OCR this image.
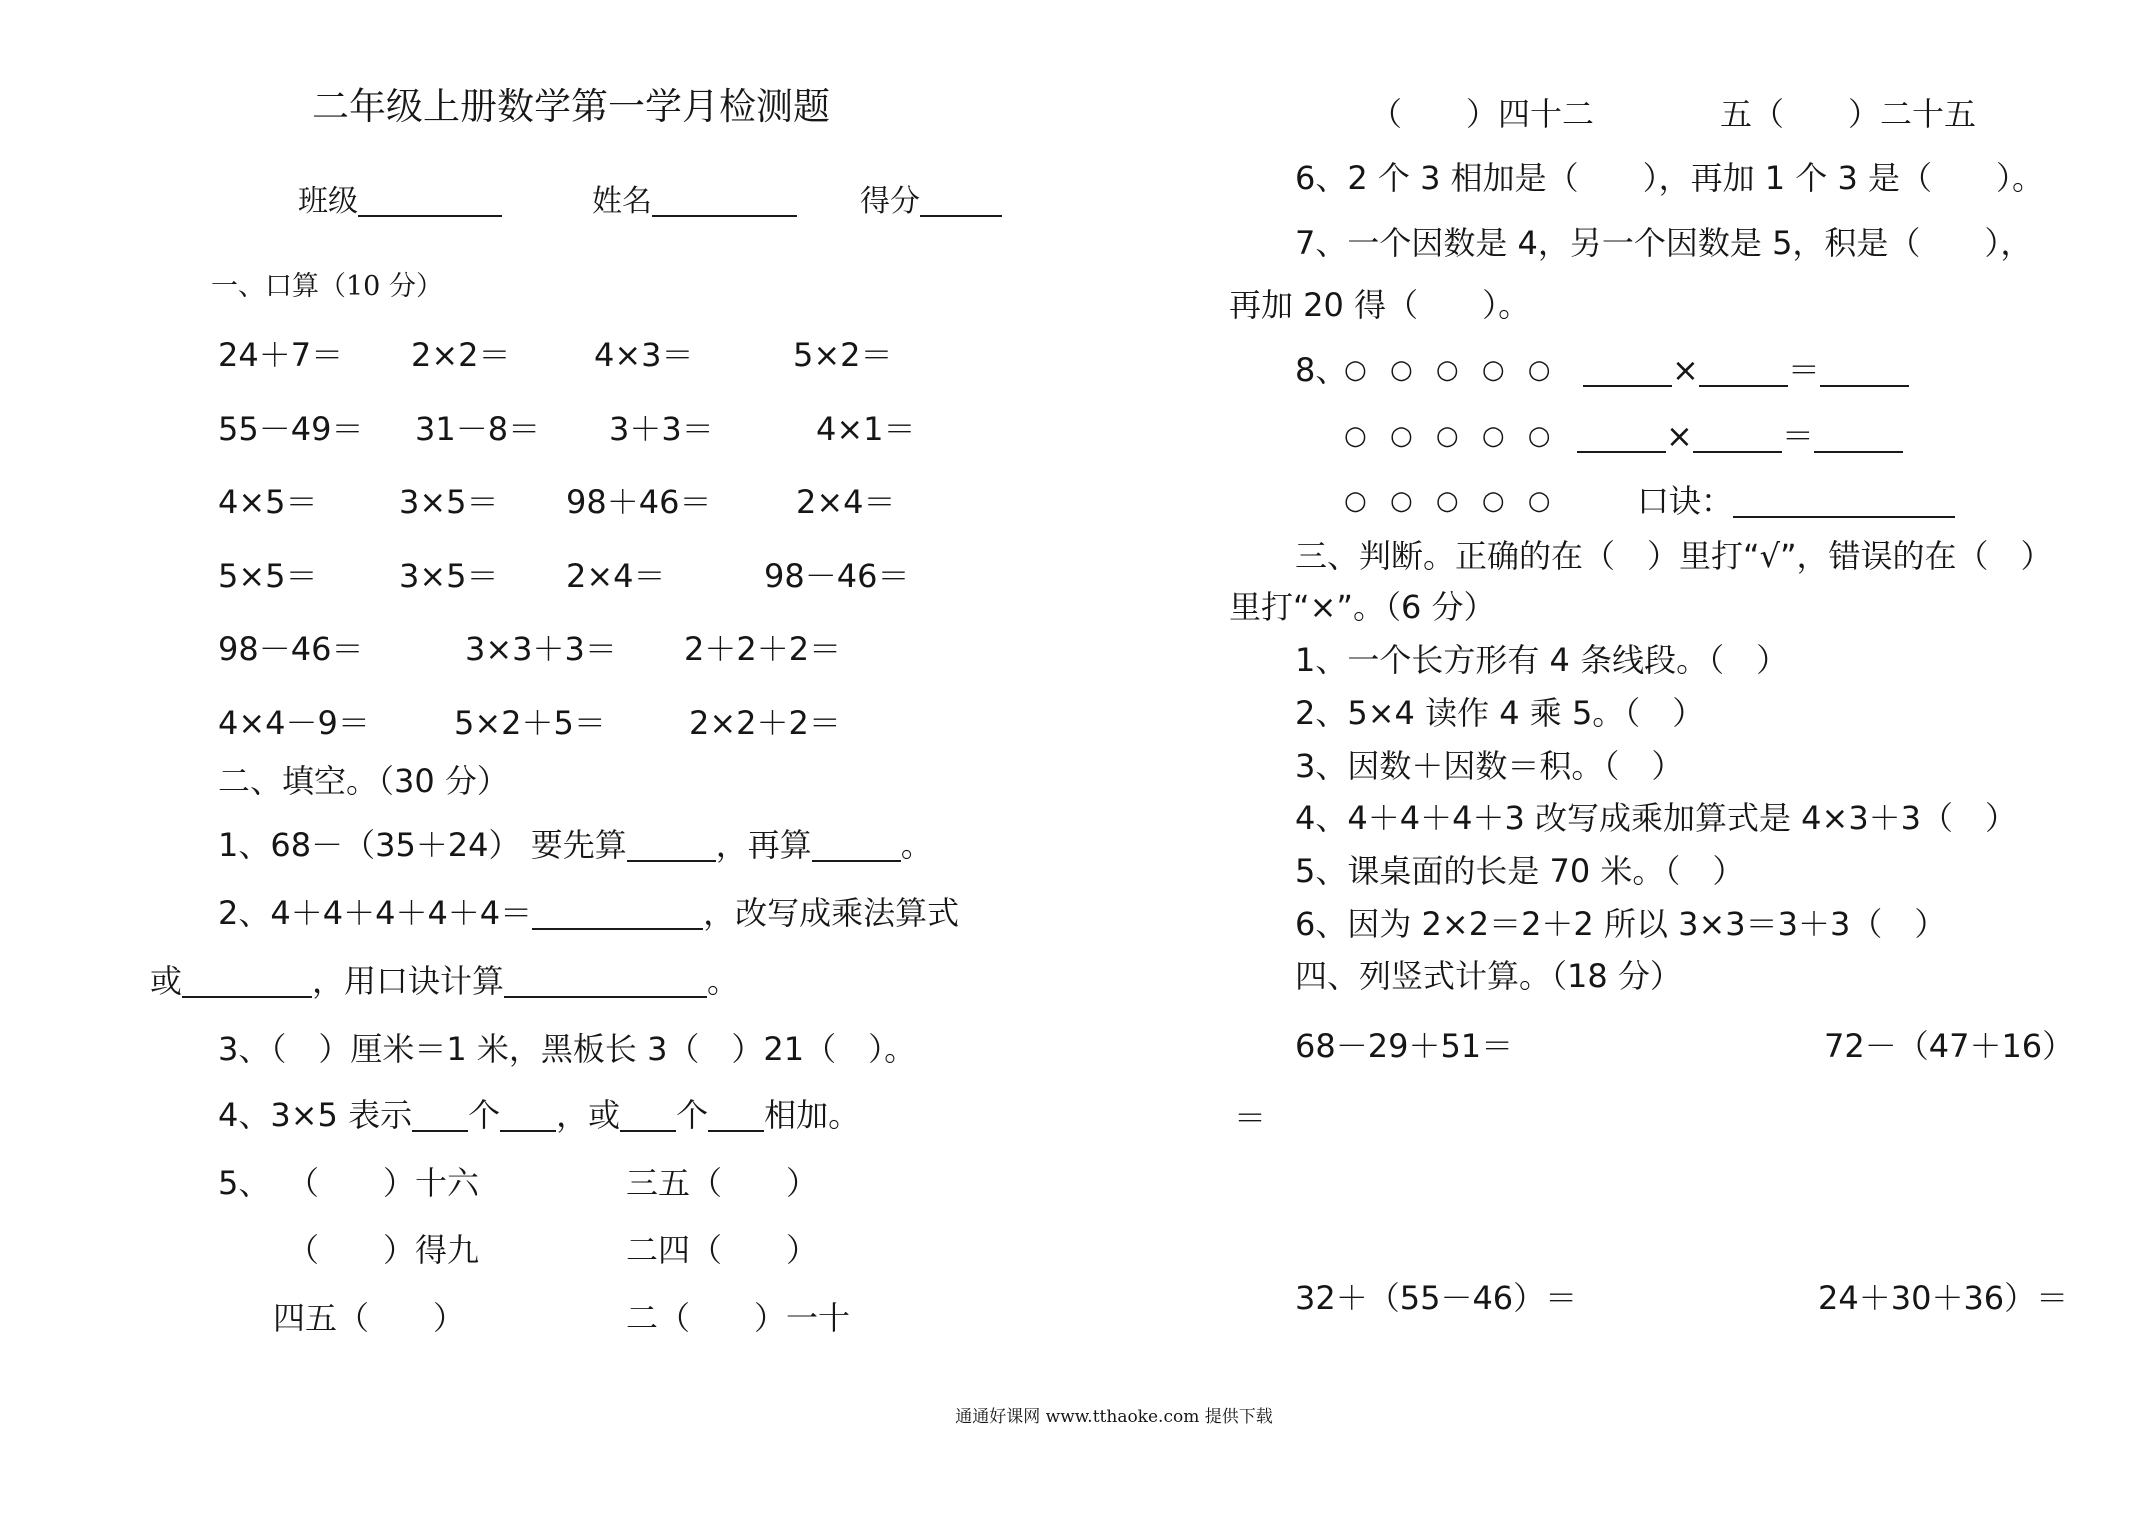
二年级上册数学第一学月检测题
班级	姓名	得分
一、口算（10 分）
24＋7＝ 2×2＝	4×3＝	5×2＝
55－49＝ 31－8＝ 3＋3＝	4×1＝
4×5＝	3×5＝ 98＋46＝	2×4＝
5×5＝	3×5＝ 2×4＝	98－46＝
98－46＝	3×3＋3＝ 2＋2＋2＝
4×4－9＝	5×2＋5＝	2×2＋2＝
二、填空。（30 分）
1、68－（35＋24） 要先算	，再算	。
2、4＋4＋4＋4＋4＝	，改写成乘法算式
或	，用口诀计算	。
3、（　）厘米＝1 米，黑板长 3（　）21（　）。
4、3×5 表示 个 ，或 个 相加。
5、 （　　）十六	三五（　　）
（　　）得九	二四（　　）
四五（　　）	二（　　）一十
（　　）四十二	五（　　）二十五
6、2 个 3 相加是（　　），再加 1 个 3 是（　　）。
7、一个因数是 4，另一个因数是 5，积是（　　），
再加 20 得（　　）。
8、
○ ○ ○ ○ ○	×	＝
○ ○ ○ ○ ○	×	＝
○ ○ ○ ○ ○	口诀：
三、判断。正确的在（　）里打“√”，错误的在（　）
里打“×”。（6 分）
1、一个长方形有 4 条线段。（　）
2、5×4 读作 4 乘 5。（　）
3、因数＋因数＝积。（　）
4、4＋4＋4＋3 改写成乘加算式是 4×3＋3（　）
5、课桌面的长是 70 米。（　）
6、因为 2×2＝2＋2 所以 3×3＝3＋3（　）
四、列竖式计算。（18 分）
68－29＋51＝	72－（47＋16）
＝
32＋（55－46）＝	24＋30＋36）＝
通通好课网 www.tthaoke.com 提供下载
